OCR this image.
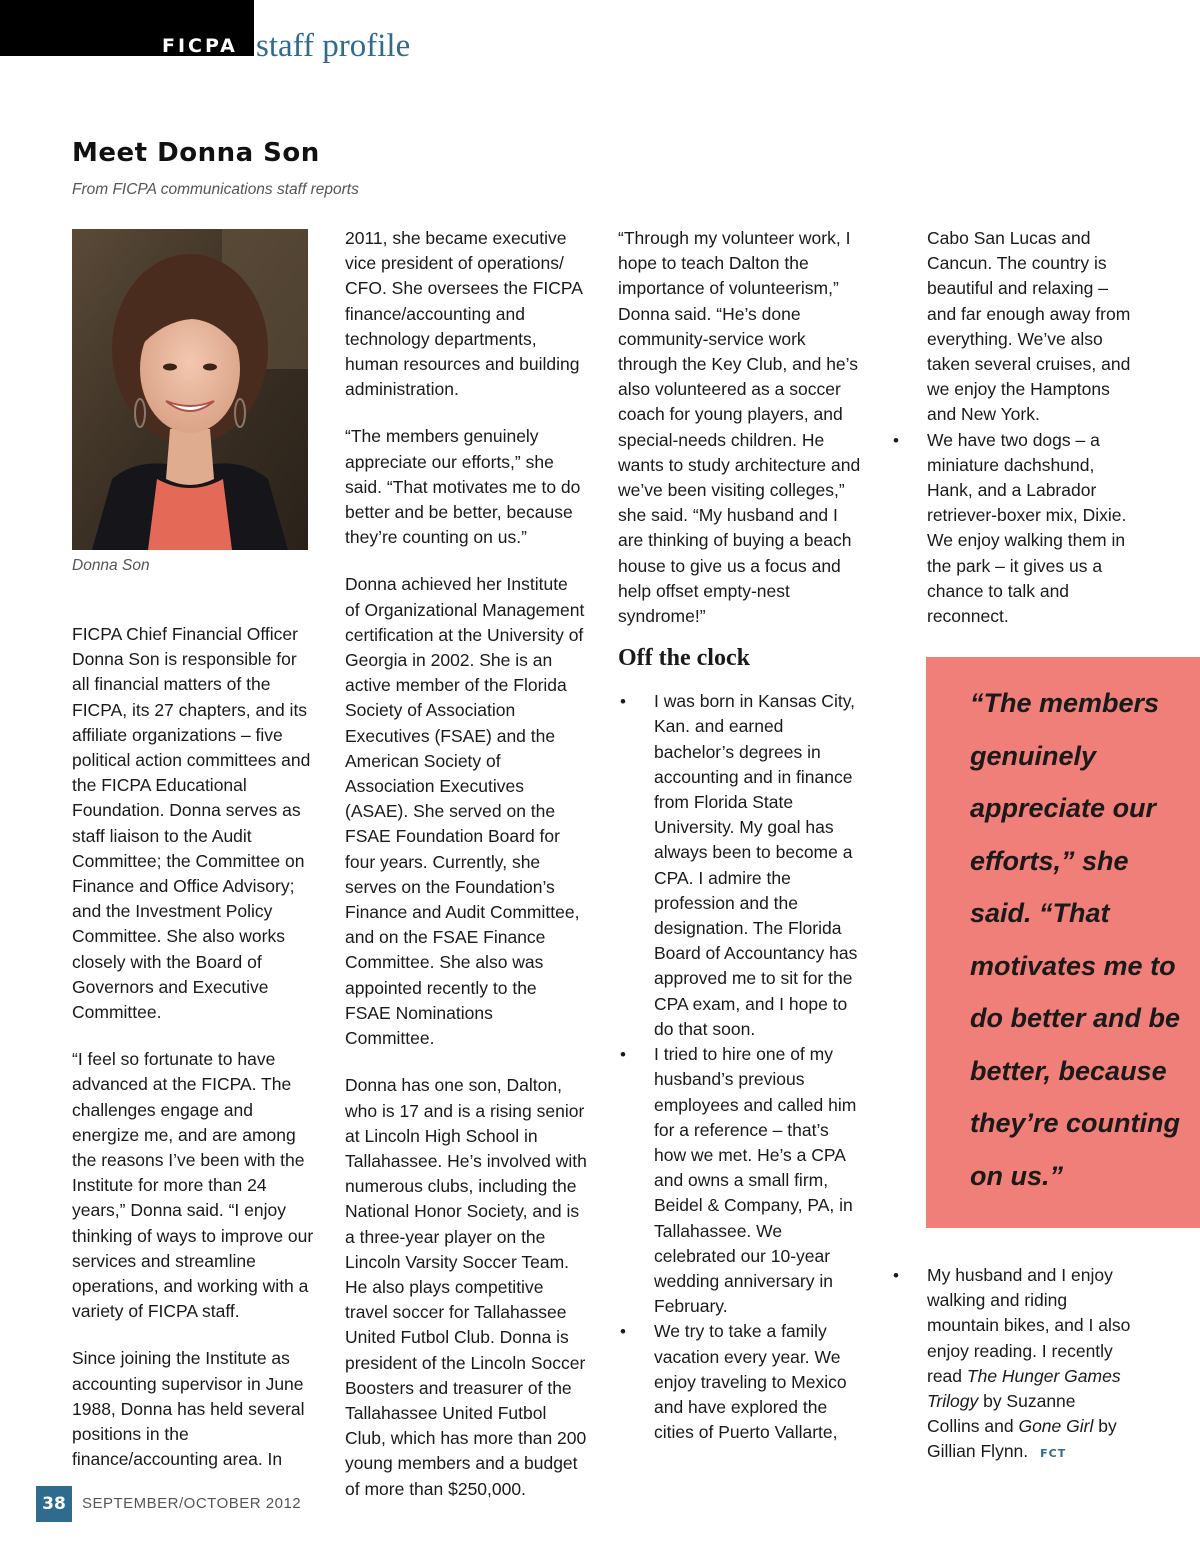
FICPA staff profile
Meet Donna Son
From FICPA communications staff reports
Donna Son

FICPA Chief Financial Officer Donna Son is responsible for all financial matters of the FICPA, its 27 chapters, and its affiliate organizations – five political action committees and the FICPA Educational Foundation. Donna serves as staff liaison to the Audit Committee; the Committee on Finance and Office Advisory; and the Investment Policy Committee. She also works closely with the Board of Governors and Executive Committee.

“I feel so fortunate to have advanced at the FICPA. The challenges engage and energize me, and are among the reasons I’ve been with the Institute for more than 24 years,” Donna said. “I enjoy thinking of ways to improve our services and streamline operations, and working with a variety of FICPA staff.

Since joining the Institute as accounting supervisor in June 1988, Donna has held several positions in the finance/accounting area. In

2011, she became executive vice president of operations/ CFO. She oversees the FICPA finance/accounting and technology departments, human resources and building administration.

“The members genuinely appreciate our efforts,” she said. “That motivates me to do better and be better, because they’re counting on us.”

Donna achieved her Institute of Organizational Management certification at the University of Georgia in 2002. She is an active member of the Florida Society of Association Executives (FSAE) and the American Society of Association Executives (ASAE). She served on the FSAE Foundation Board for four years. Currently, she serves on the Foundation’s Finance and Audit Committee, and on the FSAE Finance Committee. She also was appointed recently to the FSAE Nominations Committee.

Donna has one son, Dalton, who is 17 and is a rising senior at Lincoln High School in Tallahassee. He’s involved with numerous clubs, including the National Honor Society, and is a three-year player on the Lincoln Varsity Soccer Team. He also plays competitive travel soccer for Tallahassee United Futbol Club. Donna is president of the Lincoln Soccer Boosters and treasurer of the Tallahassee United Futbol Club, which has more than 200 young members and a budget of more than $250,000.

“Through my volunteer work, I hope to teach Dalton the importance of volunteerism,” Donna said. “He’s done community-service work through the Key Club, and he’s also volunteered as a soccer coach for young players, and special-needs children. He wants to study architecture and we’ve been visiting colleges,” she said. “My husband and I are thinking of buying a beach house to give us a focus and help offset empty-nest syndrome!”

Off the clock
• I was born in Kansas City, Kan. and earned bachelor’s degrees in accounting and in finance from Florida State University. My goal has always been to become a CPA. I admire the profession and the designation. The Florida Board of Accountancy has approved me to sit for the CPA exam, and I hope to do that soon.
• I tried to hire one of my husband’s previous employees and called him for a reference – that’s how we met. He’s a CPA and owns a small firm, Beidel & Company, PA, in Tallahassee. We celebrated our 10-year wedding anniversary in February.
• We try to take a family vacation every year. We enjoy traveling to Mexico and have explored the cities of Puerto Vallarte,
Cabo San Lucas and Cancun. The country is beautiful and relaxing – and far enough away from everything. We’ve also taken several cruises, and we enjoy the Hamptons and New York.
• We have two dogs – a miniature dachshund, Hank, and a Labrador retriever-boxer mix, Dixie. We enjoy walking them in the park – it gives us a chance to talk and reconnect.
“The members genuinely appreciate our efforts,” she said. “That motivates me to do better and be better, because they’re counting on us.”
• My husband and I enjoy walking and riding mountain bikes, and I also enjoy reading. I recently read The Hunger Games Trilogy by Suzanne Collins and Gone Girl by Gillian Flynn. FCT
38	SEPTEMBER/OCTOBER 2012
